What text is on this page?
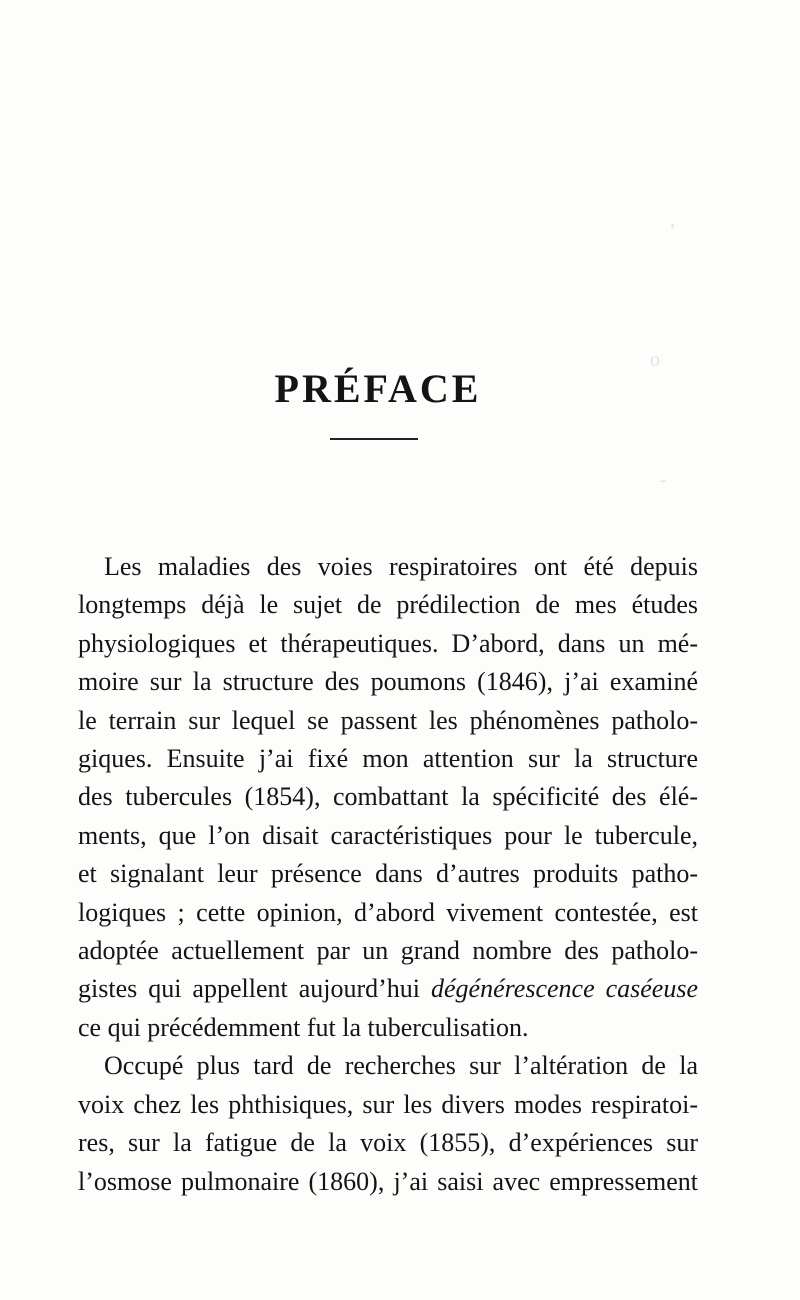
,
o
-
PRÉFACE
Les maladies des voies respiratoires ont été depuis
longtemps déjà le sujet de prédilection de mes études
physiologiques et thérapeutiques. D’abord, dans un mé-
moire sur la structure des poumons (1846), j’ai examiné
le terrain sur lequel se passent les phénomènes patholo-
giques. Ensuite j’ai fixé mon attention sur la structure
des tubercules (1854), combattant la spécificité des élé-
ments, que l’on disait caractéristiques pour le tubercule,
et signalant leur présence dans d’autres produits patho-
logiques ; cette opinion, d’abord vivement contestée, est
adoptée actuellement par un grand nombre des patholo-
gistes qui appellent aujourd’hui dégénérescence caséeuse
ce qui précédemment fut la tuberculisation.
Occupé plus tard de recherches sur l’altération de la
voix chez les phthisiques, sur les divers modes respiratoi-
res, sur la fatigue de la voix (1855), d’expériences sur
l’osmose pulmonaire (1860), j’ai saisi avec empressement
